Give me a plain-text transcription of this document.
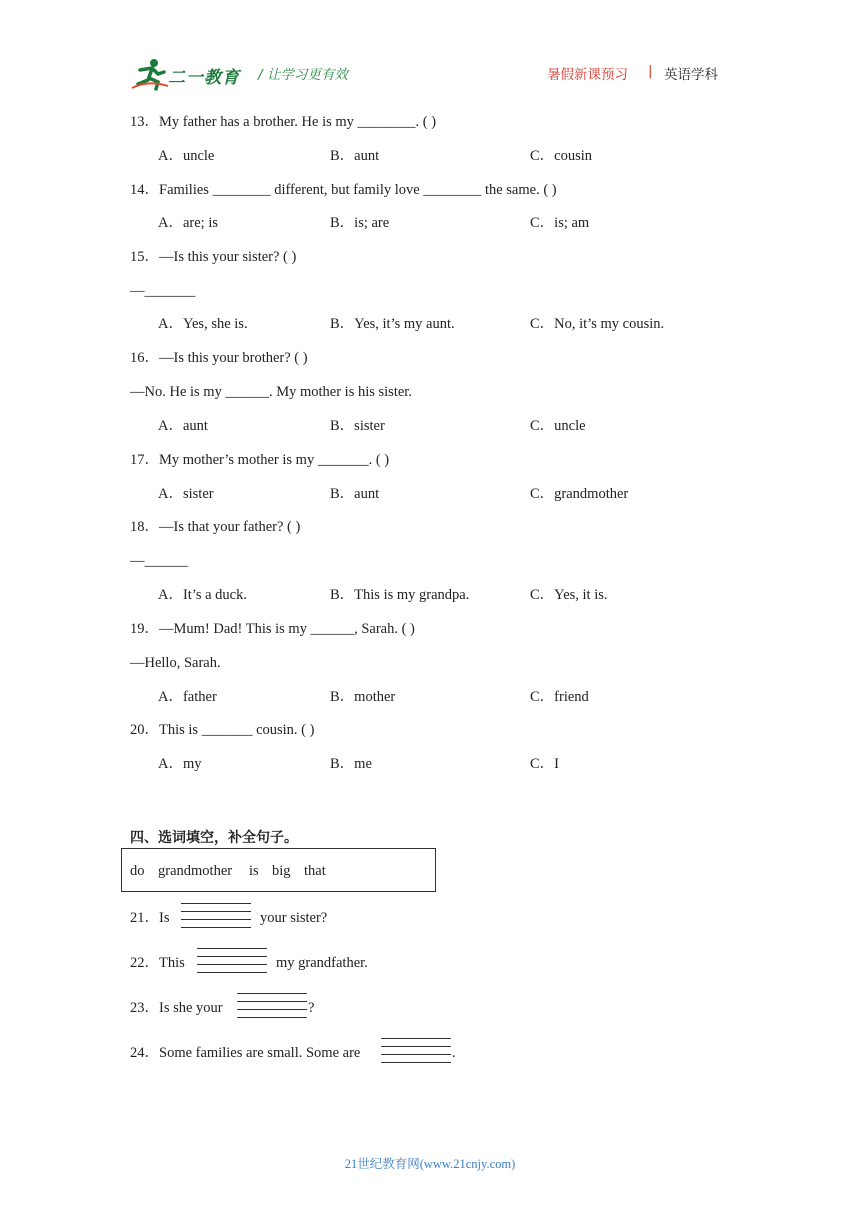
二一教育 / 让学习更有效	暑假新课预习 | 英语学科
13．My father has a brother. He is my ________. ( )
A．uncle	B．aunt	C．cousin
14．Families ________ different, but family love ________ the same. ( )
A．are; is	B．is; are	C．is; am
15．—Is this your sister? ( )
—_______
A．Yes, she is.	B．Yes, it’s my aunt.	C．No, it’s my cousin.
16．—Is this your brother? ( )
—No. He is my ______. My mother is his sister.
A．aunt	B．sister	C．uncle
17．My mother’s mother is my _______. ( )
A．sister	B．aunt	C．grandmother
18．—Is that your father? ( )
—______
A．It’s a duck.	B．This is my grandpa.	C．Yes, it is.
19．—Mum! Dad! This is my ______, Sarah. ( )
—Hello, Sarah.
A．father	B．mother	C．friend
20．This is _______ cousin. ( )
A．my	B．me	C．I
四、选词填空，补全句子。
do grandmother is big that
21．Is	your sister?
22．This	my grandfather.
23．Is she your	?
24．Some families are small. Some are	.
21世纪教育网(www.21cnjy.com)
